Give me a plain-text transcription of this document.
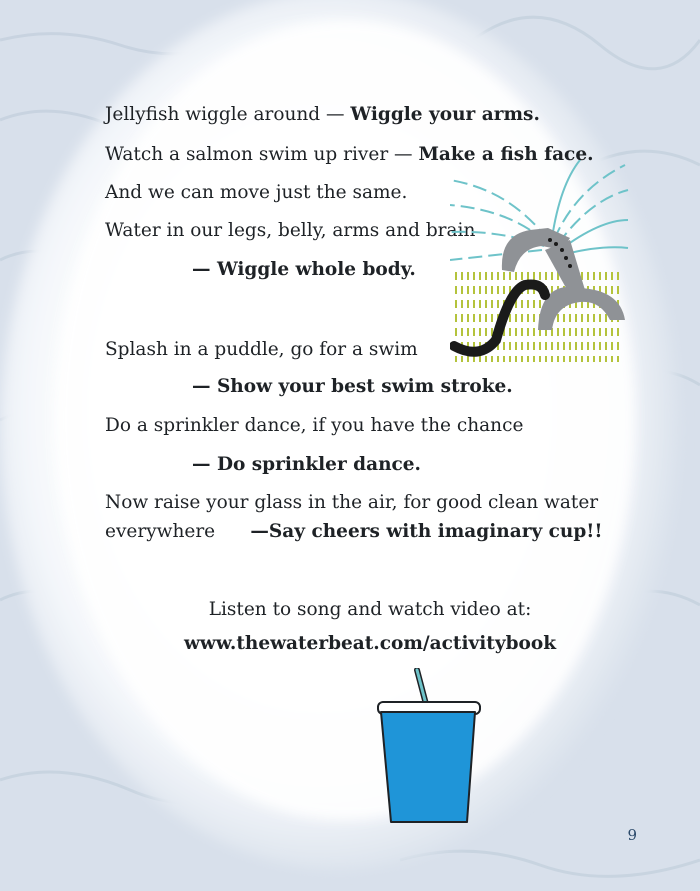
Jellyfish wiggle around — Wiggle your arms.
Watch a salmon swim up river — Make a fish face.
And we can move just the same.
Water in our legs, belly, arms and brain
— Wiggle whole body.
Splash in a puddle, go for a swim
— Show your best swim stroke.
Do a sprinkler dance, if you have the chance
— Do sprinkler dance.
Now raise your glass in the air, for good clean water
everywhere      —Say cheers with imaginary cup!!
Listen to song and watch video at:
www.thewaterbeat.com/activitybook
9
